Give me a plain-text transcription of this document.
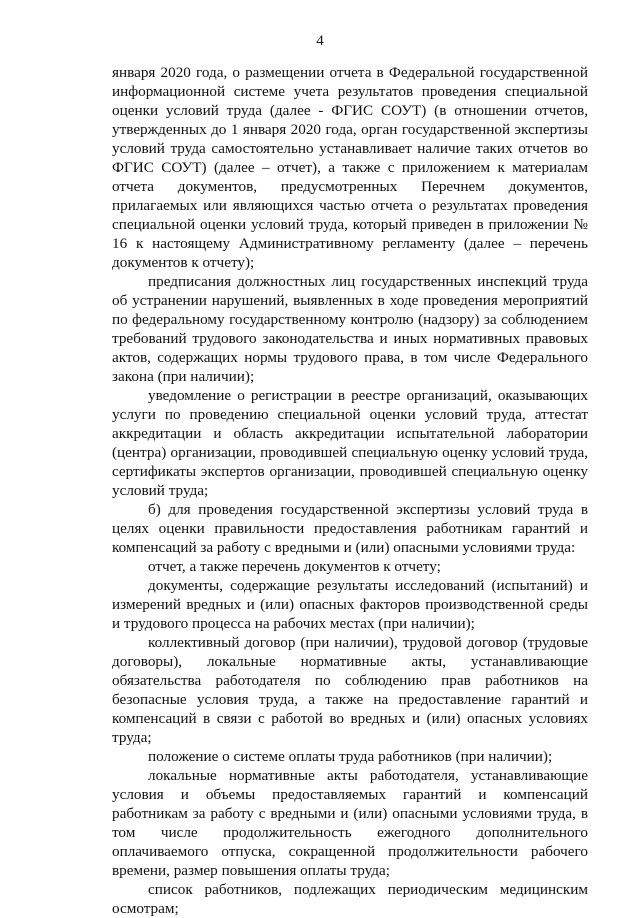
4

января 2020 года, о размещении отчета в Федеральной государственной информационной системе учета результатов проведения специальной оценки условий труда (далее - ФГИС СОУТ) (в отношении отчетов, утвержденных до 1 января 2020 года, орган государственной экспертизы условий труда самостоятельно устанавливает наличие таких отчетов во ФГИС СОУТ) (далее – отчет), а также с приложением к материалам отчета документов, предусмотренных Перечнем документов, прилагаемых или являющихся частью отчета о результатах проведения специальной оценки условий труда, который приведен в приложении № 16 к настоящему Административному регламенту (далее – перечень документов к отчету);

предписания должностных лиц государственных инспекций труда об устранении нарушений, выявленных в ходе проведения мероприятий по федеральному государственному контролю (надзору) за соблюдением требований трудового законодательства и иных нормативных правовых актов, содержащих нормы трудового права, в том числе Федерального закона (при наличии);

уведомление о регистрации в реестре организаций, оказывающих услуги по проведению специальной оценки условий труда, аттестат аккредитации и область аккредитации испытательной лаборатории (центра) организации, проводившей специальную оценку условий труда, сертификаты экспертов организации, проводившей специальную оценку условий труда;

б) для проведения государственной экспертизы условий труда в целях оценки правильности предоставления работникам гарантий и компенсаций за работу с вредными и (или) опасными условиями труда:

отчет, а также перечень документов к отчету;

документы, содержащие результаты исследований (испытаний) и измерений вредных и (или) опасных факторов производственной среды и трудового процесса на рабочих местах (при наличии);

коллективный договор (при наличии), трудовой договор (трудовые договоры), локальные нормативные акты, устанавливающие обязательства работодателя по соблюдению прав работников на безопасные условия труда, а также на предоставление гарантий и компенсаций в связи с работой во вредных и (или) опасных условиях труда;

положение о системе оплаты труда работников (при наличии);

локальные нормативные акты работодателя, устанавливающие условия и объемы предоставляемых гарантий и компенсаций работникам за работу с вредными и (или) опасными условиями труда, в том числе продолжительность ежегодного дополнительного оплачиваемого отпуска, сокращенной продолжительности рабочего времени, размер повышения оплаты труда;

список работников, подлежащих периодическим медицинским осмотрам;
